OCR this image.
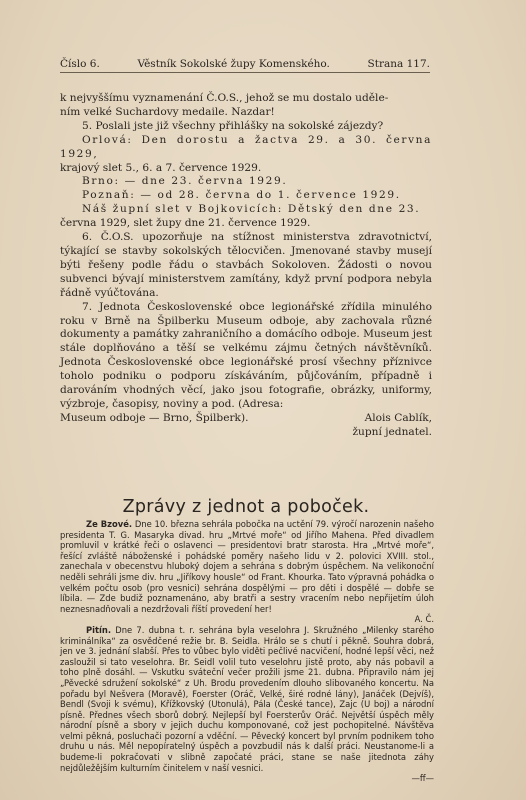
Číslo 6.	Věstník Sokolské župy Komenského.	Strana 117.

k nejvyššímu vyznamenání Č.O.S., jehož se mu dostalo uděle-

ním velké Suchardovy medaile. Nazdar!

5. Poslali jste již všechny přihlášky na sokolské zájezdy?

Orlová: Den dorostu a žactva 29. a 30. června 1929,

krajový slet 5., 6. a 7. července 1929.

Brno: — dne 23. června 1929.

Poznaň: — od 28. června do 1. července 1929.

Náš župní slet v Bojkovicích: Dětský den dne 23.

června 1929, slet župy dne 21. července 1929.

6. Č.O.S. upozorňuje na stížnost ministerstva zdravotnictví, týkající se stavby sokolských tělocvičen. Jmenované stavby musejí býti řešeny podle řádu o stavbách Sokoloven. Žádosti o novou subvenci bývají ministerstvem zamítány, když první podpora nebyla řádně vyúčtována.

7. Jednota Československé obce legionářské zřídila minulého roku v Brně na Špilberku Museum odboje, aby zachovala různé dokumenty a památky zahraničního a domácího odboje. Museum jest stále doplňováno a těší se velkému zájmu četných návštěvníků. Jednota Československé obce legionářské prosí všechny příznivce toholo podniku o podporu získáváním, půjčováním, případně i darováním vhodných věcí, jako jsou fotografie, obrázky, uniformy, výzbroje, časopisy, noviny a pod. (Adresa:

Museum odboje — Brno, Špilberk).	Alois Cablík,

župní jednatel.

Zprávy z jednot a poboček.

Ze Bzové. Dne 10. března sehrála pobočka na uctění 79. výročí narozenin našeho presidenta T. G. Masaryka divad. hru „Mrtvé moře“ od Jiřího Mahena. Před divadlem promluvil v krátké řeči o oslavenci — presidentovi bratr starosta. Hra „Mrtvé moře“, řešící zvláště náboženské i pohádské poměry našeho lidu v 2. polovici XVIII. stol., zanechala v obecenstvu hluboký dojem a sehrána s dobrým úspěchem. Na velikonoční neděli sehráli jsme div. hru „Jiříkovy housle“ od Frant. Khourka. Tato výpravná pohádka o velkém počtu osob (pro vesnici) sehrána dospělými — pro děti i dospělé — dobře se líbila. — Zde budiž poznamenáno, aby bratři a sestry vracením nebo nepřijetím úloh neznesnadňovali a nezdržovali říští provedení her!

A. Č.

Pitín. Dne 7. dubna t. r. sehrána byla veselohra J. Skružného „Milenky starého kriminálníka“ za osvědčené režie br. B. Seidla. Hrálo se s chutí i pěkně. Souhra dobrá, jen ve 3. jednání slabší. Přes to vůbec bylo viděti pečlivé nacvičení, hodné lepší věci, než zasloužil si tato veselohra. Br. Seidl volil tuto veselohru jistě proto, aby nás pobavil a toho plně dosáhl. — Vskutku sváteční večer prožili jsme 21. dubna. Připravilo nám jej „Pěvecké sdružení sokolské“ z Uh. Brodu provedením dlouho slibovaného koncertu. Na pořadu byl Nešvera (Moravě), Foerster (Oráč, Velké, širé rodné lány), Janáček (Dejvíš), Bendl (Svoji k svému), Křížkovský (Utonulá), Pála (České tance), Zajc (U boj) a národní písně. Přednes všech sborů dobrý. Nejlepší byl Foersterův Oráč. Největší úspěch měly národní písně a sbory v jejich duchu komponované, což jest pochopitelné. Návštěva velmi pěkná, posluchači pozorní a vděční. — Pěvecký koncert byl prvním podnikem toho druhu u nás. Měl nepopíratelný úspěch a povzbudil nás k další práci. Neustanome-li a budeme-li pokračovati v slibně započaté práci, stane se naše jitednota záhy nejdůležějším kulturním činitelem v naší vesnici.

—ff—
